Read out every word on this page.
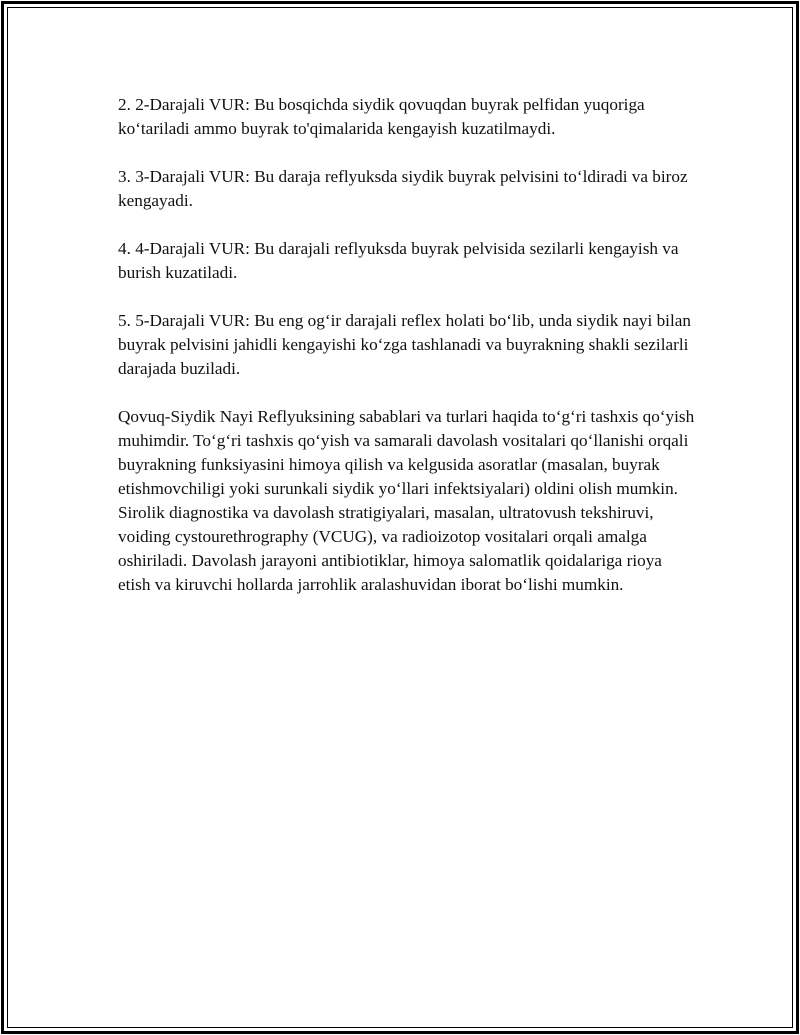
2. 2-Darajali VUR: Bu bosqichda siydik qovuqdan buyrak pelfidan yuqoriga ko‘tariladi ammo buyrak to'qimalarida kengayish kuzatilmaydi.

3. 3-Darajali VUR: Bu daraja reflyuksda siydik buyrak pelvisini to‘ldiradi va biroz kengayadi.

4. 4-Darajali VUR: Bu darajali reflyuksda buyrak pelvisida sezilarli kengayish va burish kuzatiladi.

5. 5-Darajali VUR: Bu eng og‘ir darajali reflex holati bo‘lib, unda siydik nayi bilan buyrak pelvisini jahidli kengayishi ko‘zga tashlanadi va buyrakning shakli sezilarli darajada buziladi.

Qovuq-Siydik Nayi Reflyuksining sabablari va turlari haqida to‘g‘ri tashxis qo‘yish muhimdir. To‘g‘ri tashxis qo‘yish va samarali davolash vositalari qo‘llanishi orqali buyrakning funksiyasini himoya qilish va kelgusida asoratlar (masalan, buyrak etishmovchiligi yoki surunkali siydik yo‘llari infektsiyalari) oldini olish mumkin. Sirolik diagnostika va davolash stratigiyalari, masalan, ultratovush tekshiruvi, voiding cystourethrography (VCUG), va radioizotop vositalari orqali amalga oshiriladi. Davolash jarayoni antibiotiklar, himoya salomatlik qoidalariga rioya etish va kiruvchi hollarda jarrohlik aralashuvidan iborat bo‘lishi mumkin.
